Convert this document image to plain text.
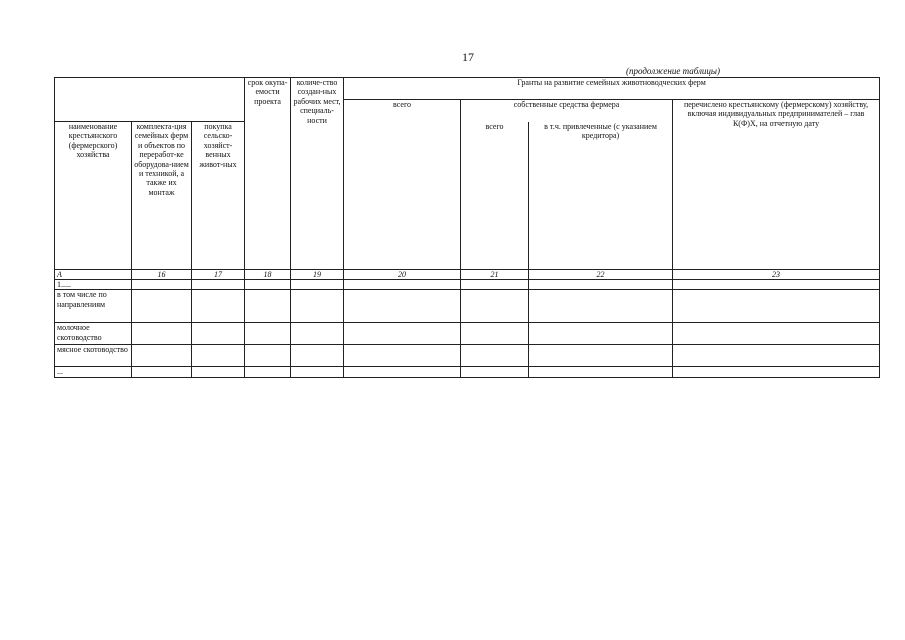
17
(продолжение таблицы)
			срок окупа-емости проекта	количе-ство создан-ных рабочих мест, специаль-ности	Гранты на развитие семейных животноводческих ферм			
					всего	собственные средства фермера		перечислено крестьянскому (фермерскому) хозяйству, включая индивидуальных предпринимателей – глав К(Ф)Х, на отчетную дату
наименование крестьянского (фермерского) хозяйства	комплекта-ция семейных ферм и объектов по переработ-ке оборудова-нием и техникой, а также их монтаж	покупка сельско-хозяйст-венных живот-ных				всего	в т.ч. привлеченные (с указанием кредитора)	
А	16	17	18	19	20	21	22	23
1.....								
в том числе по направлениям								
молочное скотоводство								
мясное скотоводство								
...								
